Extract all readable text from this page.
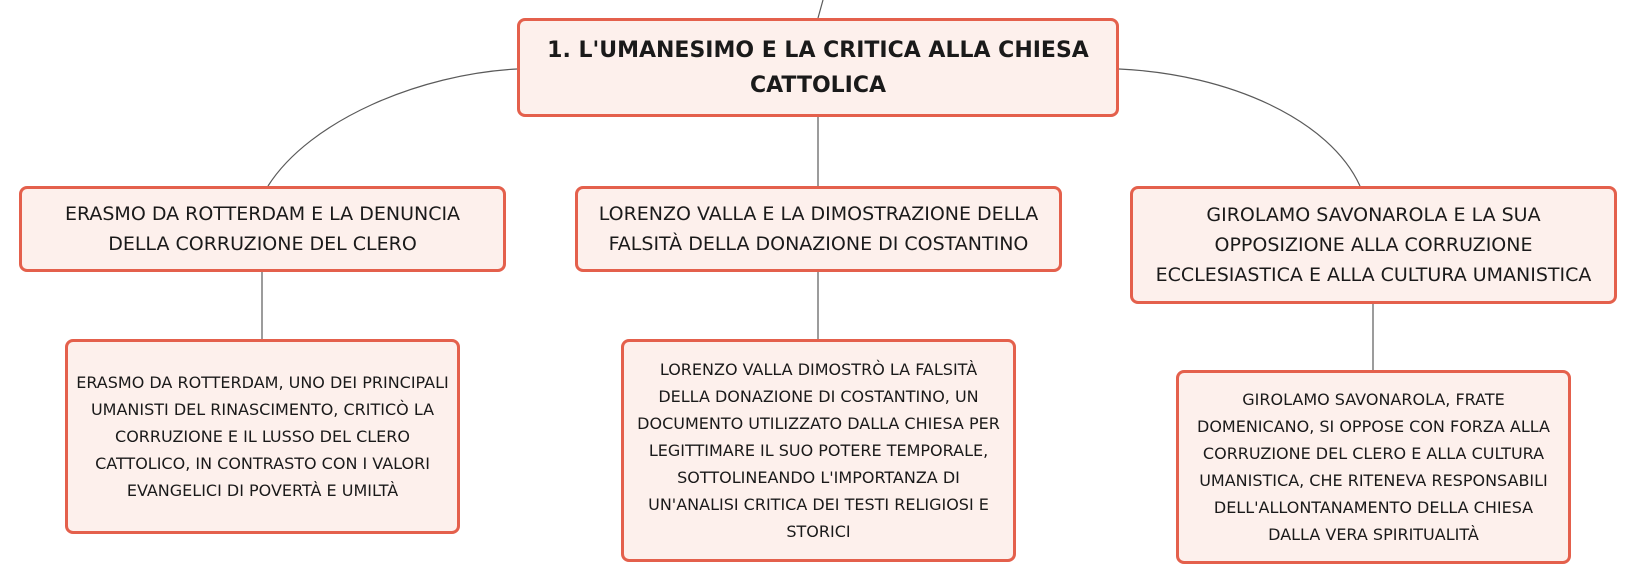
1. L'UMANESIMO E LA CRITICA ALLA CHIESA CATTOLICA
ERASMO DA ROTTERDAM E LA DENUNCIA DELLA CORRUZIONE DEL CLERO
LORENZO VALLA E LA DIMOSTRAZIONE DELLA FALSITÀ DELLA DONAZIONE DI COSTANTINO
GIROLAMO SAVONAROLA E LA SUA OPPOSIZIONE ALLA CORRUZIONE ECCLESIASTICA E ALLA CULTURA UMANISTICA
ERASMO DA ROTTERDAM, UNO DEI PRINCIPALI UMANISTI DEL RINASCIMENTO, CRITICÒ LA CORRUZIONE E IL LUSSO DEL CLERO CATTOLICO, IN CONTRASTO CON I VALORI EVANGELICI DI POVERTÀ E UMILTÀ
LORENZO VALLA DIMOSTRÒ LA FALSITÀ DELLA DONAZIONE DI COSTANTINO, UN DOCUMENTO UTILIZZATO DALLA CHIESA PER LEGITTIMARE IL SUO POTERE TEMPORALE, SOTTOLINEANDO L'IMPORTANZA DI UN'ANALISI CRITICA DEI TESTI RELIGIOSI E STORICI
GIROLAMO SAVONAROLA, FRATE DOMENICANO, SI OPPOSE CON FORZA ALLA CORRUZIONE DEL CLERO E ALLA CULTURA UMANISTICA, CHE RITENEVA RESPONSABILI DELL'ALLONTANAMENTO DELLA CHIESA DALLA VERA SPIRITUALITÀ
